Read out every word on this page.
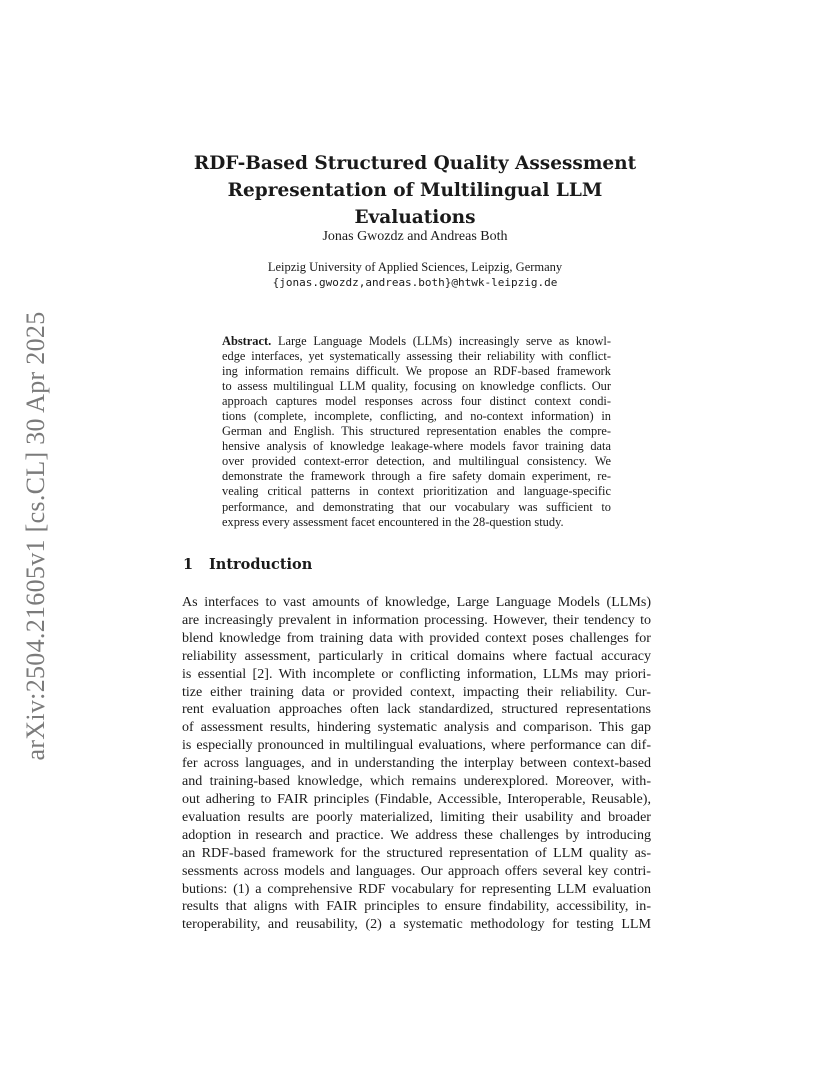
arXiv:2504.21605v1 [cs.CL] 30 Apr 2025
RDF-Based Structured Quality Assessment
Representation of Multilingual LLM Evaluations
Jonas Gwozdz and Andreas Both
Leipzig University of Applied Sciences, Leipzig, Germany
{jonas.gwozdz,andreas.both}@htwk-leipzig.de
Abstract. Large Language Models (LLMs) increasingly serve as knowl-
edge interfaces, yet systematically assessing their reliability with conflict-
ing information remains difficult. We propose an RDF-based framework
to assess multilingual LLM quality, focusing on knowledge conflicts. Our
approach captures model responses across four distinct context condi-
tions (complete, incomplete, conflicting, and no-context information) in
German and English. This structured representation enables the compre-
hensive analysis of knowledge leakage-where models favor training data
over provided context-error detection, and multilingual consistency. We
demonstrate the framework through a fire safety domain experiment, re-
vealing critical patterns in context prioritization and language-specific
performance, and demonstrating that our vocabulary was sufficient to
express every assessment facet encountered in the 28-question study.
1 Introduction
As interfaces to vast amounts of knowledge, Large Language Models (LLMs)
are increasingly prevalent in information processing. However, their tendency to
blend knowledge from training data with provided context poses challenges for
reliability assessment, particularly in critical domains where factual accuracy
is essential [2]. With incomplete or conflicting information, LLMs may priori-
tize either training data or provided context, impacting their reliability. Cur-
rent evaluation approaches often lack standardized, structured representations
of assessment results, hindering systematic analysis and comparison. This gap
is especially pronounced in multilingual evaluations, where performance can dif-
fer across languages, and in understanding the interplay between context-based
and training-based knowledge, which remains underexplored. Moreover, with-
out adhering to FAIR principles (Findable, Accessible, Interoperable, Reusable),
evaluation results are poorly materialized, limiting their usability and broader
adoption in research and practice. We address these challenges by introducing
an RDF-based framework for the structured representation of LLM quality as-
sessments across models and languages. Our approach offers several key contri-
butions: (1) a comprehensive RDF vocabulary for representing LLM evaluation
results that aligns with FAIR principles to ensure findability, accessibility, in-
teroperability, and reusability, (2) a systematic methodology for testing LLM
